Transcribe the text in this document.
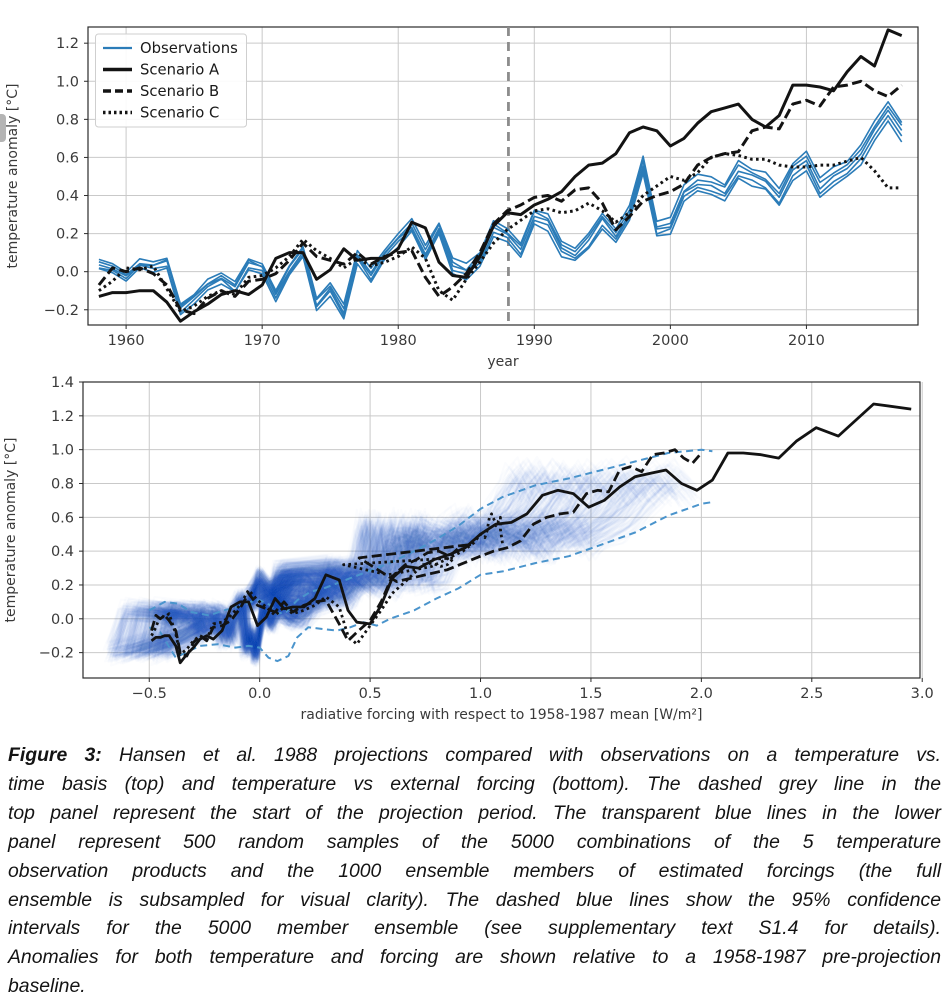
1960	1970	1980	1990	2000	2010
−0.2
0.0
0.2
0.4
0.6
0.8
1.0
1.2	Observations
Scenario A
Scenario B
Scenario C
temperature anomaly [°C]
year
−0.5	0.0	0.5	1.0	1.5	2.0	2.5	3.0
−0.2
0.0
0.2
0.4
0.6
0.8
1.0
1.2
1.4
temperature anomaly [°C]
radiative forcing with respect to 1958-1987 mean [W/m²]
Figure 3: Hansen et al. 1988 projections compared with observations on a temperature vs.
time basis (top) and temperature vs external forcing (bottom). The dashed grey line in the
top panel represent the start of the projection period. The transparent blue lines in the lower
panel represent 500 random samples of the 5000 combinations of the 5 temperature
observation products and the 1000 ensemble members of estimated forcings (the full
ensemble is subsampled for visual clarity). The dashed blue lines show the 95% confidence
intervals for the 5000 member ensemble (see supplementary text S1.4 for details).
Anomalies for both temperature and forcing are shown relative to a 1958-1987 pre-projection
baseline.
